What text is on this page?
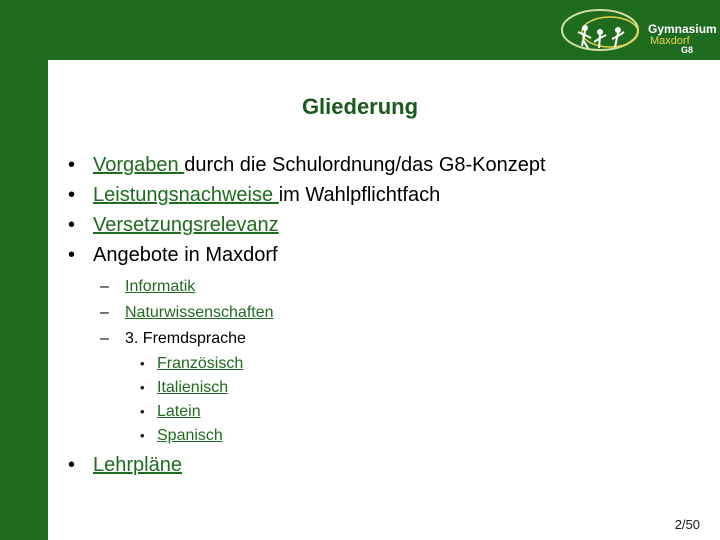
Gymnasium
Maxdorf
G8
Gliederung
• Vorgaben durch die Schulordnung/das G8-Konzept
• Leistungsnachweise im Wahlpflichtfach
• Versetzungsrelevanz
• Angebote in Maxdorf
– Informatik
– Naturwissenschaften
– 3. Fremdsprache
• Französisch
• Italienisch
• Latein
• Spanisch
• Lehrpläne
2/50
